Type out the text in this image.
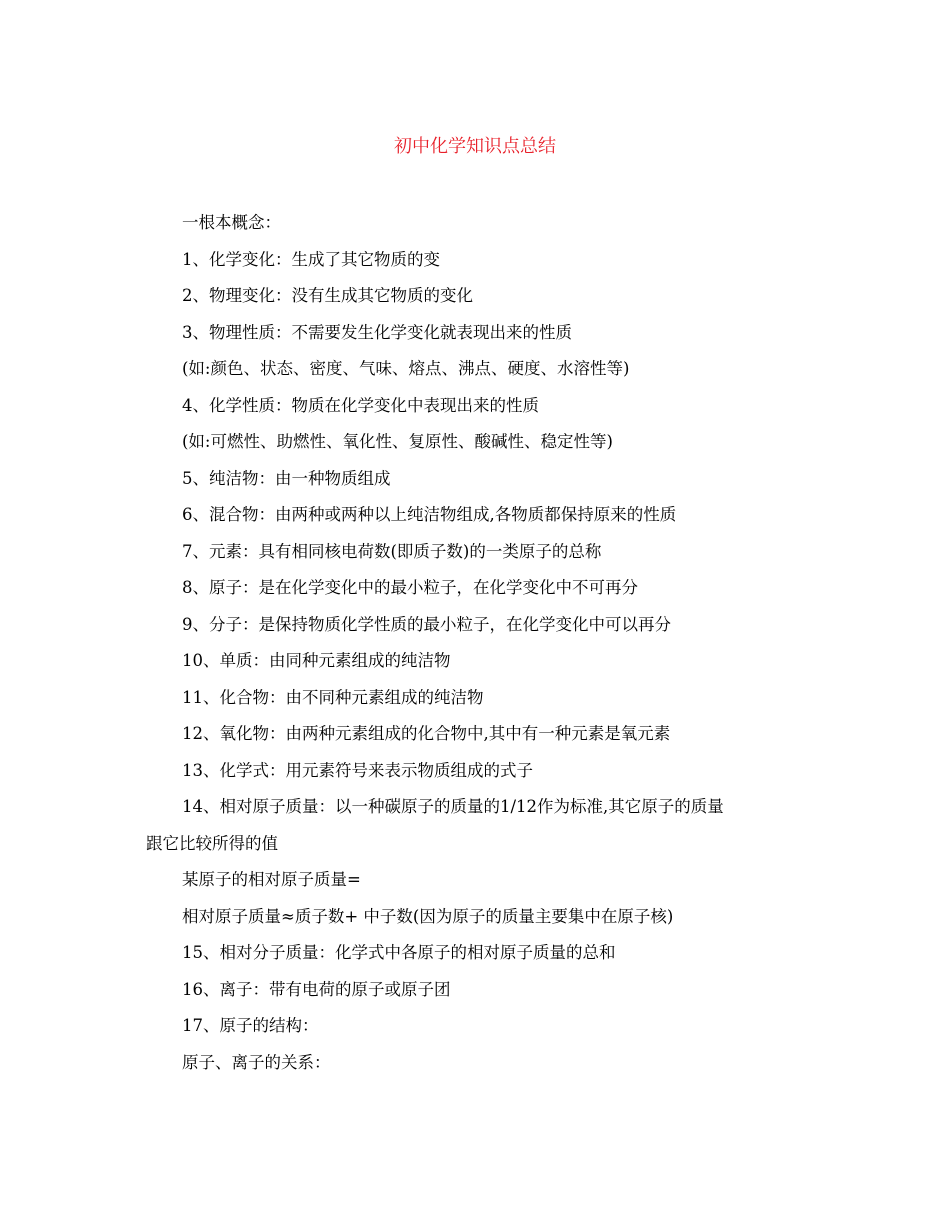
初中化学知识点总结
一根本概念：
1、化学变化：生成了其它物质的变
2、物理变化：没有生成其它物质的变化
3、物理性质：不需要发生化学变化就表现出来的性质
(如:颜色、状态、密度、气味、熔点、沸点、硬度、水溶性等)
4、化学性质：物质在化学变化中表现出来的性质
(如:可燃性、助燃性、氧化性、复原性、酸碱性、稳定性等)
5、纯洁物：由一种物质组成
6、混合物：由两种或两种以上纯洁物组成,各物质都保持原来的性质
7、元素：具有相同核电荷数(即质子数)的一类原子的总称
8、原子：是在化学变化中的最小粒子，在化学变化中不可再分
9、分子：是保持物质化学性质的最小粒子，在化学变化中可以再分
10、单质：由同种元素组成的纯洁物
11、化合物：由不同种元素组成的纯洁物
12、氧化物：由两种元素组成的化合物中,其中有一种元素是氧元素
13、化学式：用元素符号来表示物质组成的式子
14、相对原子质量：以一种碳原子的质量的1/12作为标准,其它原子的质量
跟它比较所得的值
某原子的相对原子质量=
相对原子质量≈质子数+ 中子数(因为原子的质量主要集中在原子核)
15、相对分子质量：化学式中各原子的相对原子质量的总和
16、离子：带有电荷的原子或原子团
17、原子的结构：
原子、离子的关系：
